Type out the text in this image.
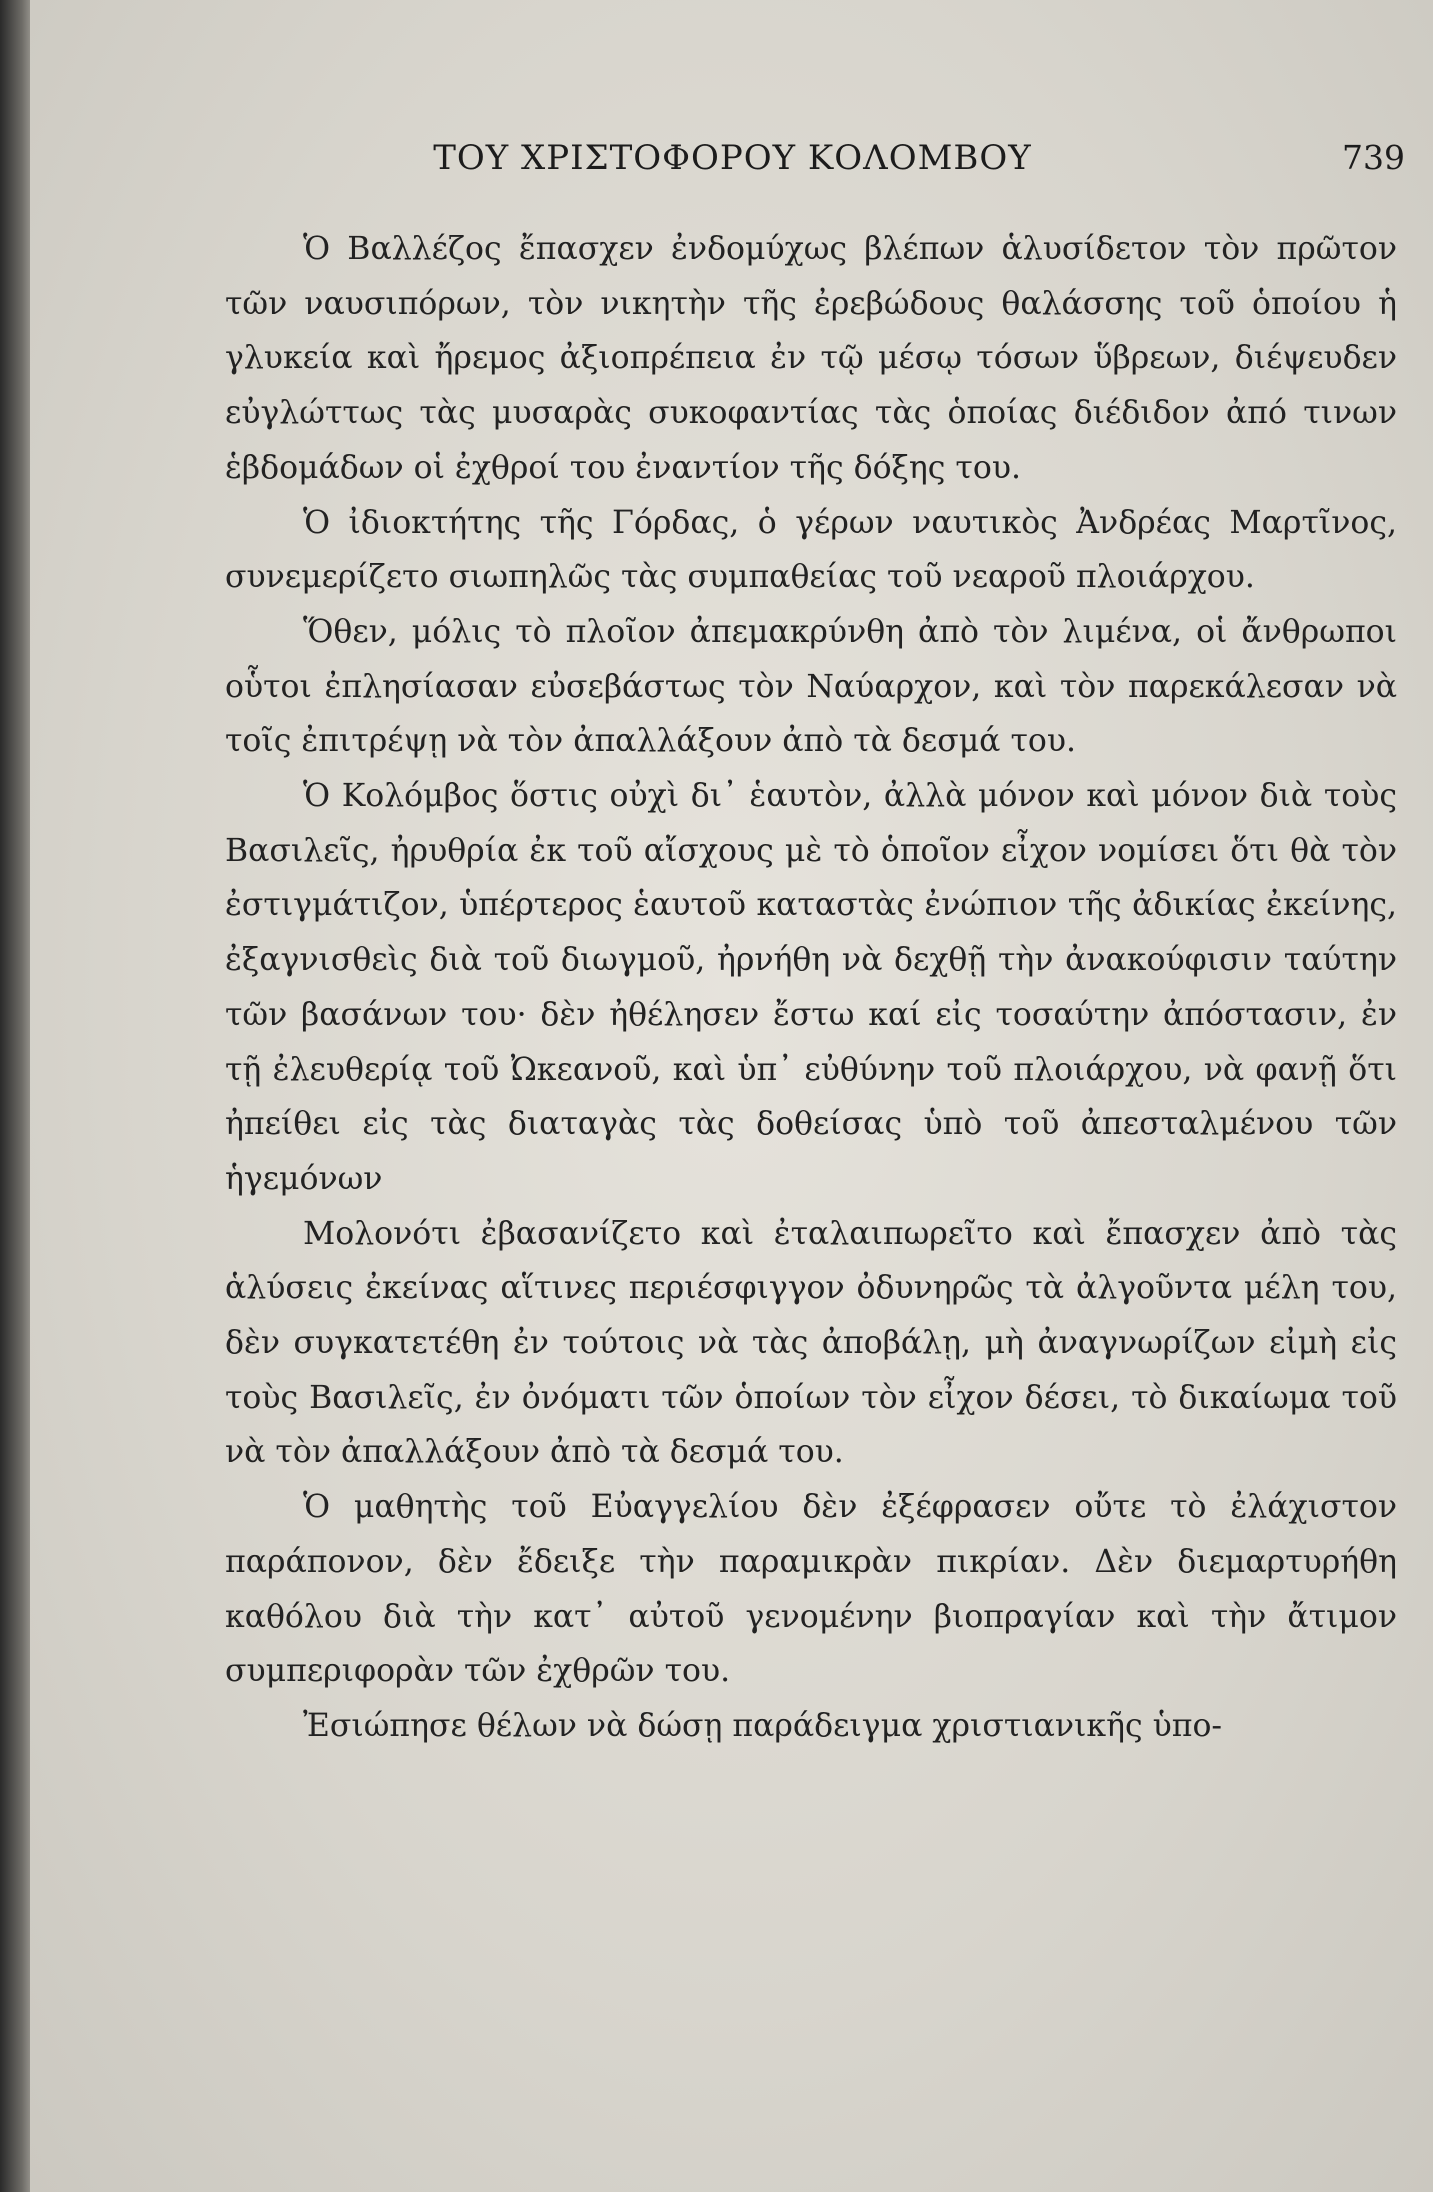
ΤΟΥ ΧΡΙΣΤΟΦΟΡΟΥ ΚΟΛΟΜΒΟΥ	739

Ὁ Βαλλέζος ἔπασχεν ἐνδομύχως βλέπων ἁλυσίδετον τὸν πρῶτον τῶν ναυσιπόρων, τὸν νικητὴν τῆς ἐρεβώδους θαλάσσης τοῦ ὁποίου ἡ γλυκεία καὶ ἤρεμος ἀξιοπρέπεια ἐν τῷ μέσῳ τόσων ὕβρεων, διέψευδεν εὐγλώττως τὰς μυσαρὰς συκοφαντίας τὰς ὁποίας διέδιδον ἀπό τινων ἑβδομάδων οἱ ἐχθροί του ἐναντίον τῆς δόξης του.

Ὁ ἰδιοκτήτης τῆς Γόρδας, ὁ γέρων ναυτικὸς Ἀνδρέας Μαρτῖνος, συνεμερίζετο σιωπηλῶς τὰς συμπαθείας τοῦ νεαροῦ πλοιάρχου.

Ὅθεν, μόλις τὸ πλοῖον ἀπεμακρύνθη ἀπὸ τὸν λιμένα, οἱ ἄνθρωποι οὗτοι ἐπλησίασαν εὐσεβάστως τὸν Ναύαρχον, καὶ τὸν παρεκάλεσαν νὰ τοῖς ἐπιτρέψῃ νὰ τὸν ἀπαλλάξουν ἀπὸ τὰ δεσμά του.

Ὁ Κολόμβος ὅστις οὐχὶ δι᾽ ἑαυτὸν, ἀλλὰ μόνον καὶ μόνον διὰ τοὺς Βασιλεῖς, ἠρυθρία ἐκ τοῦ αἴσχους μὲ τὸ ὁποῖον εἶχον νομίσει ὅτι θὰ τὸν ἐστιγμάτιζον, ὑπέρτερος ἑαυτοῦ καταστὰς ἐνώπιον τῆς ἀδικίας ἐκείνης, ἐξαγνισθεὶς διὰ τοῦ διωγμοῦ, ἠρνήθη νὰ δεχθῇ τὴν ἀνακούφισιν ταύτην τῶν βασάνων του· δὲν ἠθέλησεν ἔστω καί εἰς τοσαύτην ἀπόστασιν, ἐν τῇ ἐλευθερίᾳ τοῦ Ὠκεανοῦ, καὶ ὑπ᾽ εὐθύνην τοῦ πλοιάρχου, νὰ φανῇ ὅτι ἠπείθει εἰς τὰς διαταγὰς τὰς δοθείσας ὑπὸ τοῦ ἀπεσταλμένου τῶν ἡγεμόνων

Μολονότι ἐβασανίζετο καὶ ἐταλαιπωρεῖτο καὶ ἔπασχεν ἀπὸ τὰς ἁλύσεις ἐκείνας αἵτινες περιέσφιγγον ὀδυνηρῶς τὰ ἀλγοῦντα μέλη του, δὲν συγκατετέθη ἐν τούτοις νὰ τὰς ἀποβάλῃ, μὴ ἀναγνωρίζων εἰμὴ εἰς τοὺς Βασιλεῖς, ἐν ὀνόματι τῶν ὁποίων τὸν εἶχον δέσει, τὸ δικαίωμα τοῦ νὰ τὸν ἀπαλλάξουν ἀπὸ τὰ δεσμά του.

Ὁ μαθητὴς τοῦ Εὐαγγελίου δὲν ἐξέφρασεν οὔτε τὸ ἐλάχιστον παράπονον, δὲν ἔδειξε τὴν παραμικρὰν πικρίαν. Δὲν διεμαρτυρήθη καθόλου διὰ τὴν κατ᾽ αὐτοῦ γενομένην βιοπραγίαν καὶ τὴν ἄτιμον συμπεριφορὰν τῶν ἐχθρῶν του.

Ἐσιώπησε θέλων νὰ δώσῃ παράδειγμα χριστιανικῆς ὑπο-
